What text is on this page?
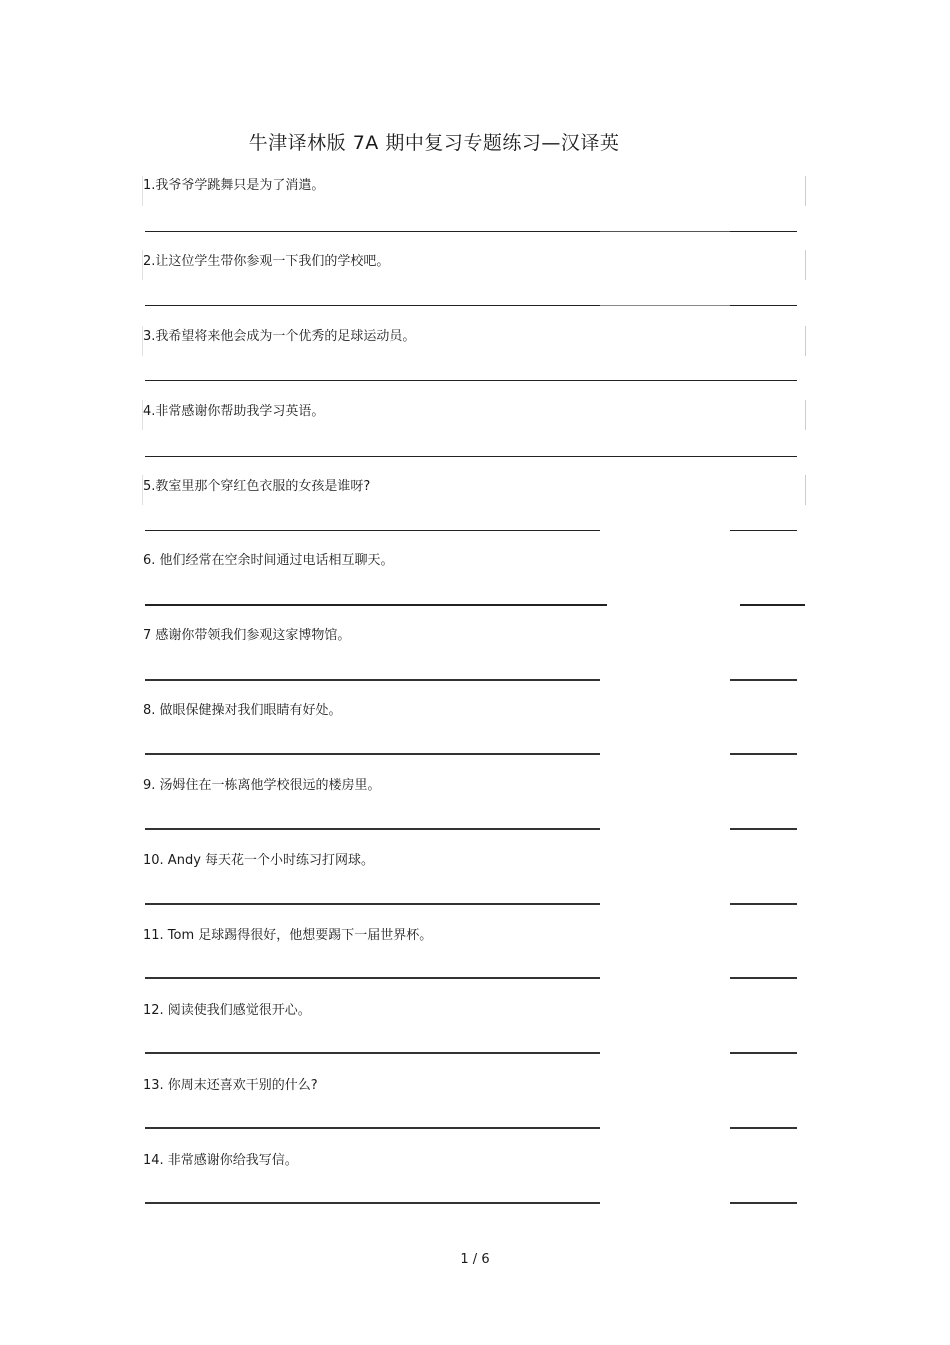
牛津译林版 7A 期中复习专题练习—汉译英
1.我爷爷学跳舞只是为了消遣。
2.让这位学生带你参观一下我们的学校吧。
3.我希望将来他会成为一个优秀的足球运动员。
4.非常感谢你帮助我学习英语。
5.教室里那个穿红色衣服的女孩是谁呀?
6. 他们经常在空余时间通过电话相互聊天。
7 感谢你带领我们参观这家博物馆。
8. 做眼保健操对我们眼睛有好处。
9. 汤姆住在一栋离他学校很远的楼房里。
10. Andy 每天花一个小时练习打网球。
11. Tom 足球踢得很好，他想要踢下一届世界杯。
12. 阅读使我们感觉很开心。
13. 你周末还喜欢干别的什么?
14. 非常感谢你给我写信。
1 / 6
